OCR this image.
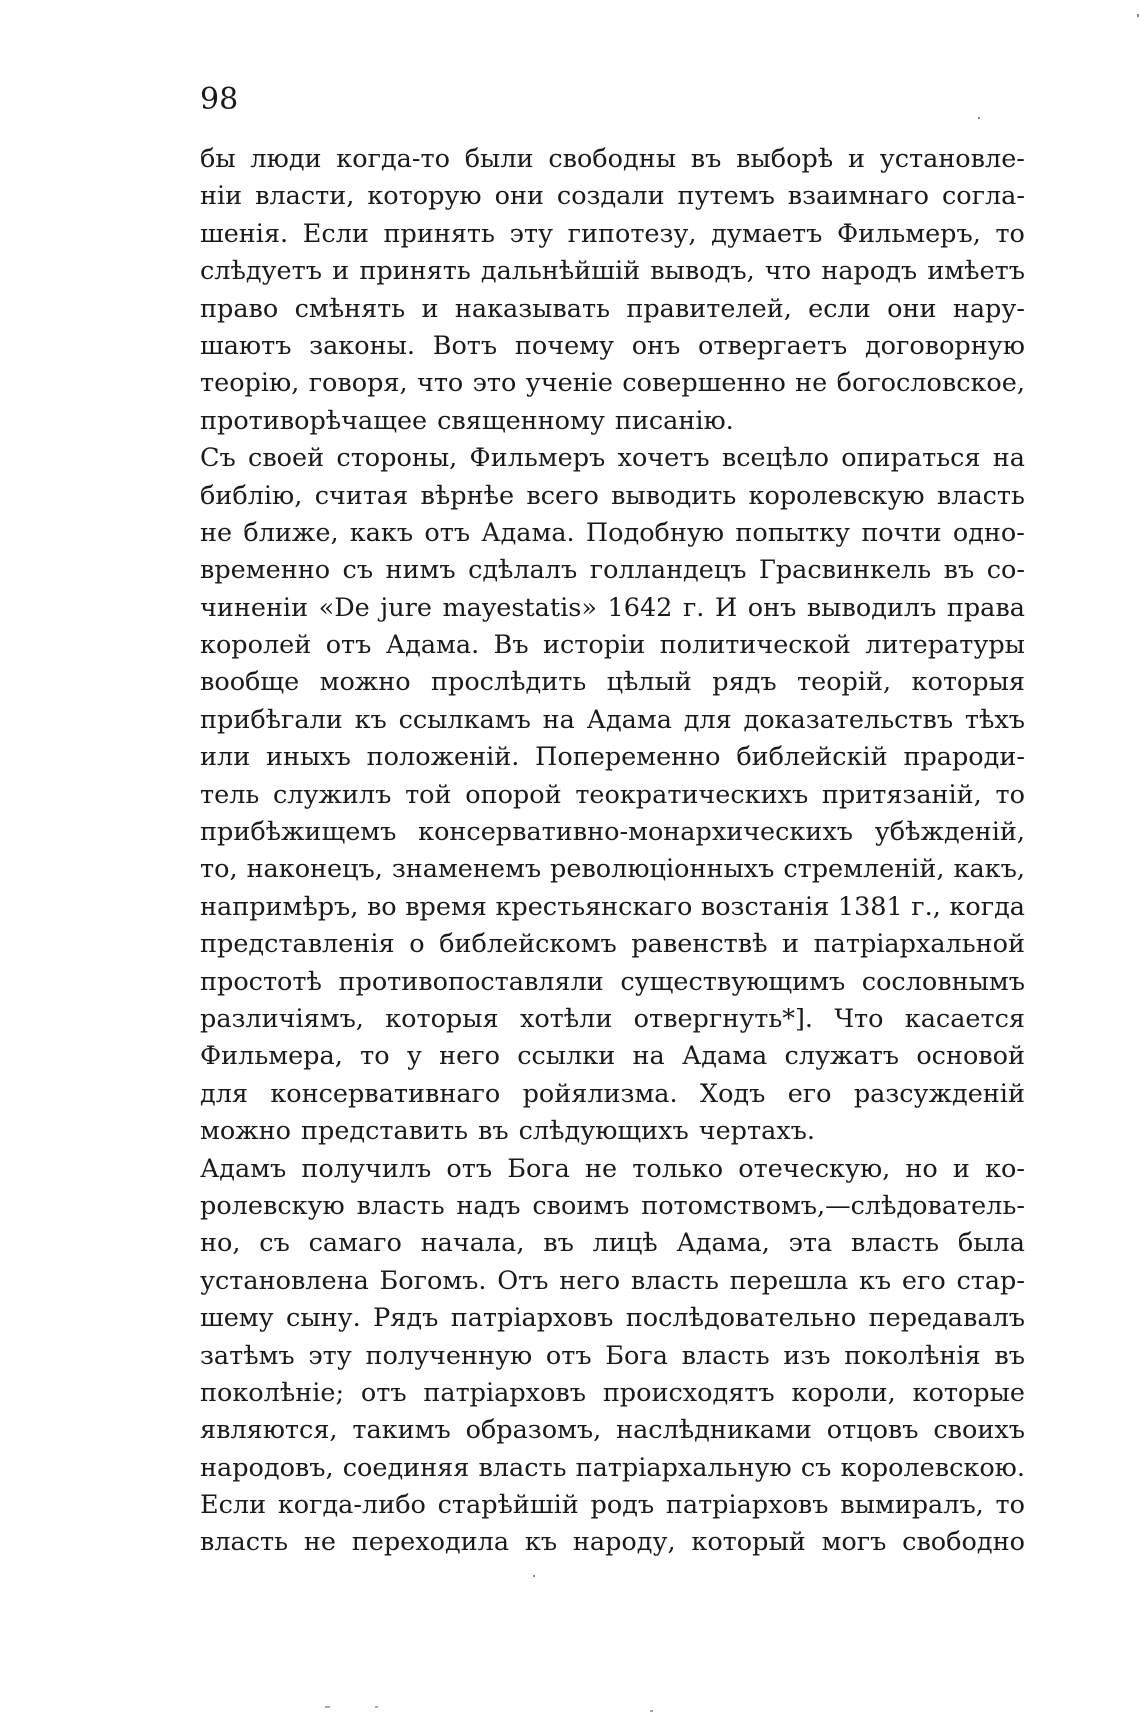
98
бы люди когда-то были свободны въ выборѣ и установле-
нiи власти, которую они создали путемъ взаимнаго согла-
шенiя. Если принять эту гипотезу, думаетъ Фильмеръ, то
слѣдуетъ и принять дальнѣйшiй выводъ, что народъ имѣетъ
право смѣнять и наказывать правителей, если они нару-
шаютъ законы. Вотъ почему онъ отвергаетъ договорную
теорiю, говоря, что это ученiе совершенно не богословское,
противорѣчащее священному писанiю.
Съ своей стороны, Фильмеръ хочетъ всецѣло опираться на
библiю, считая вѣрнѣе всего выводить королевскую власть
не ближе, какъ отъ Адама. Подобную попытку почти одно-
временно съ нимъ сдѣлалъ голландецъ Грасвинкель въ со-
чиненiи «De jure mayestatis» 1642 г. И онъ выводилъ права
королей отъ Адама. Въ исторiи политической литературы
вообще можно прослѣдить цѣлый рядъ теорiй, которыя
прибѣгали къ ссылкамъ на Адама для доказательствъ тѣхъ
или иныхъ положенiй. Попеременно библейскiй прароди-
тель служилъ той опорой теократическихъ притязанiй, то
прибѣжищемъ консервативно-монархическихъ убѣжденiй,
то, наконецъ, знаменемъ революцiонныхъ стремленiй, какъ,
напримѣръ, во время крестьянскаго возстанiя 1381 г., когда
представленiя о библейскомъ равенствѣ и патрiархальной
простотѣ противопоставляли существующимъ сословнымъ
различiямъ, которыя хотѣли отвергнуть*]. Что касается
Фильмера, то у него ссылки на Адама служатъ основой
для консервативнаго ройялизма. Ходъ его разсужденiй
можно представить въ слѣдующихъ чертахъ.
Адамъ получилъ отъ Бога не только отеческую, но и ко-
ролевскую власть надъ своимъ потомствомъ,—слѣдователь-
но, съ самаго начала, въ лицѣ Адама, эта власть была
установлена Богомъ. Отъ него власть перешла къ его стар-
шему сыну. Рядъ патрiарховъ послѣдовательно передавалъ
затѣмъ эту полученную отъ Бога власть изъ поколѣнiя въ
поколѣнiе; отъ патрiарховъ происходятъ короли, которые
являются, такимъ образомъ, наслѣдниками отцовъ своихъ
народовъ, соединяя власть патрiархальную съ королевскою.
Если когда-либо старѣйшiй родъ патрiарховъ вымиралъ, то
власть не переходила къ народу, который могъ свободно
